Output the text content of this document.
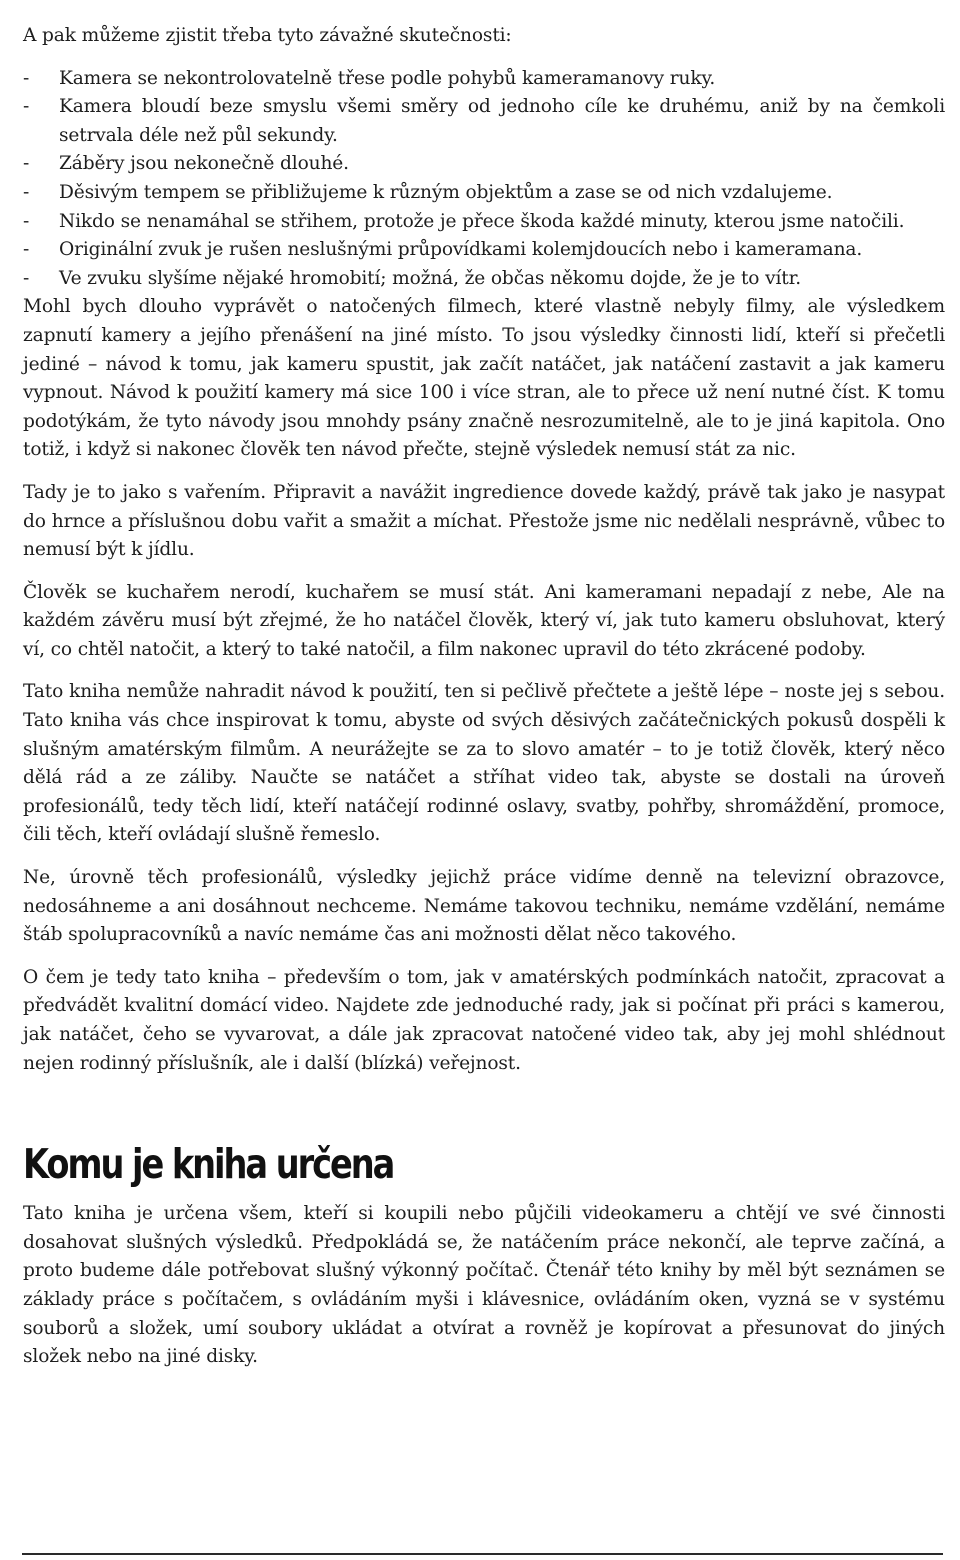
A pak můžeme zjistit třeba tyto závažné skutečnosti:

- Kamera se nekontrolovatelně třese podle pohybů kameramanovy ruky.
- Kamera bloudí beze smyslu všemi směry od jednoho cíle ke druhému, aniž by na čemkoli setrvala déle než půl sekundy.
- Záběry jsou nekonečně dlouhé.
- Děsivým tempem se přibližujeme k různým objektům a zase se od nich vzdalujeme.
- Nikdo se nenamáhal se střihem, protože je přece škoda každé minuty, kterou jsme natočili.
- Originální zvuk je rušen neslušnými průpovídkami kolemjdoucích nebo i kameramana.
- Ve zvuku slyšíme nějaké hromobití; možná, že občas někomu dojde, že je to vítr.

Mohl bych dlouho vyprávět o natočených filmech, které vlastně nebyly filmy, ale výsledkem zapnutí kamery a jejího přenášení na jiné místo. To jsou výsledky činnosti lidí, kteří si přečetli jediné – návod k tomu, jak kameru spustit, jak začít natáčet, jak natáčení zastavit a jak kameru vypnout. Návod k použití kamery má sice 100 i více stran, ale to přece už není nutné číst. K tomu podotýkám, že tyto návody jsou mnohdy psány značně nesrozumitelně, ale to je jiná kapitola. Ono totiž, i když si nakonec člověk ten návod přečte, stejně výsledek nemusí stát za nic.

Tady je to jako s vařením. Připravit a navážit ingredience dovede každý, právě tak jako je nasypat do hrnce a příslušnou dobu vařit a smažit a míchat. Přestože jsme nic nedělali nesprávně, vůbec to nemusí být k jídlu.

Člověk se kuchařem nerodí, kuchařem se musí stát. Ani kameramani nepadají z nebe, Ale na každém závěru musí být zřejmé, že ho natáčel člověk, který ví, jak tuto kameru obsluhovat, který ví, co chtěl natočit, a který to také natočil, a film nakonec upravil do této zkrácené podoby.

Tato kniha nemůže nahradit návod k použití, ten si pečlivě přečtete a ještě lépe – noste jej s sebou. Tato kniha vás chce inspirovat k tomu, abyste od svých děsivých začátečnických pokusů dospěli k slušným amatérským filmům. A neurážejte se za to slovo amatér – to je totiž člověk, který něco dělá rád a ze záliby. Naučte se natáčet a stříhat video tak, abyste se dostali na úroveň profesionálů, tedy těch lidí, kteří natáčejí rodinné oslavy, svatby, pohřby, shromáždění, promoce, čili těch, kteří ovládají slušně řemeslo.

Ne, úrovně těch profesionálů, výsledky jejichž práce vidíme denně na televizní obrazovce, nedosáhneme a ani dosáhnout nechceme. Nemáme takovou techniku, nemáme vzdělání, nemáme štáb spolupracovníků a navíc nemáme čas ani možnosti dělat něco takového.

O čem je tedy tato kniha – především o tom, jak v amatérských podmínkách natočit, zpracovat a předvádět kvalitní domácí video. Najdete zde jednoduché rady, jak si počínat při práci s kamerou, jak natáčet, čeho se vyvarovat, a dále jak zpracovat natočené video tak, aby jej mohl shlédnout nejen rodinný příslušník, ale i další (blízká) veřejnost.

Komu je kniha určena

Tato kniha je určena všem, kteří si koupili nebo půjčili videokameru a chtějí ve své činnosti dosahovat slušných výsledků. Předpokládá se, že natáčením práce nekončí, ale teprve začíná, a proto budeme dále potřebovat slušný výkonný počítač. Čtenář této knihy by měl být seznámen se základy práce s počítačem, s ovládáním myši i klávesnice, ovládáním oken, vyzná se v systému souborů a složek, umí soubory ukládat a otvírat a rovněž je kopírovat a přesunovat do jiných složek nebo na jiné disky.
